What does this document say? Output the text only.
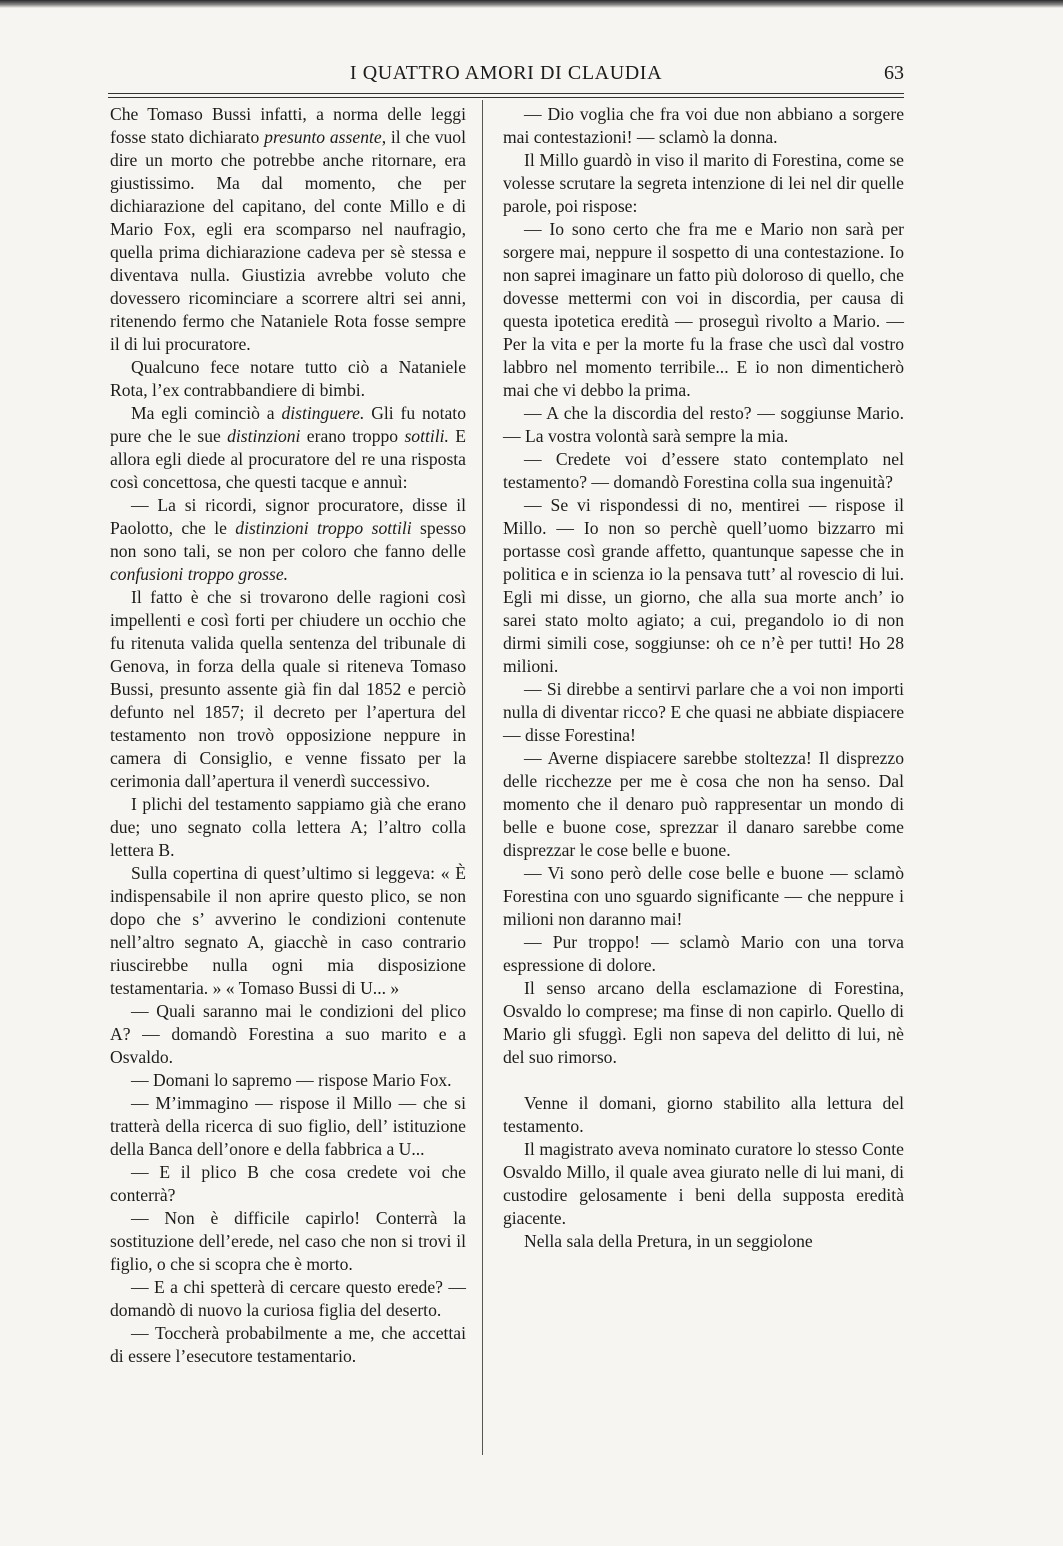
I QUATTRO AMORI DI CLAUDIA	63

Che Tomaso Bussi infatti, a norma delle leggi fosse stato dichiarato presunto assente, il che vuol dire un morto che potrebbe anche ritornare, era giustissimo. Ma dal momento, che per dichiarazione del capitano, del conte Millo e di Mario Fox, egli era scomparso nel naufragio, quella prima dichiarazione cadeva per sè stessa e diventava nulla. Giustizia avrebbe voluto che dovessero ricominciare a scorrere altri sei anni, ritenendo fermo che Nataniele Rota fosse sempre il di lui procuratore.

Qualcuno fece notare tutto ciò a Nataniele Rota, l’ex contrabbandiere di bimbi.

Ma egli cominciò a distinguere. Gli fu notato pure che le sue distinzioni erano troppo sottili. E allora egli diede al procuratore del re una risposta così concettosa, che questi tacque e annuì:

— La si ricordi, signor procuratore, disse il Paolotto, che le distinzioni troppo sottili spesso non sono tali, se non per coloro che fanno delle confusioni troppo grosse.

Il fatto è che si trovarono delle ragioni così impellenti e così forti per chiudere un occhio che fu ritenuta valida quella sentenza del tribunale di Genova, in forza della quale si riteneva Tomaso Bussi, presunto assente già fin dal 1852 e perciò defunto nel 1857; il decreto per l’apertura del testamento non trovò opposizione neppure in camera di Consiglio, e venne fissato per la cerimonia dall’apertura il venerdì successivo.

I plichi del testamento sappiamo già che erano due; uno segnato colla lettera A; l’altro colla lettera B.

Sulla copertina di quest’ultimo si leggeva: « È indispensabile il non aprire questo plico, se non dopo che s’ avverino le condizioni contenute nell’altro segnato A, giacchè in caso contrario riuscirebbe nulla ogni mia disposizione testamentaria. » « Tomaso Bussi di U... »

— Quali saranno mai le condizioni del plico A? — domandò Forestina a suo marito e a Osvaldo.

— Domani lo sapremo — rispose Mario Fox.

— M’immagino — rispose il Millo — che si tratterà della ricerca di suo figlio, dell’ istituzione della Banca dell’onore e della fabbrica a U...

— E il plico B che cosa credete voi che conterrà?

— Non è difficile capirlo! Conterrà la sostituzione dell’erede, nel caso che non si trovi il figlio, o che si scopra che è morto.

— E a chi spetterà di cercare questo erede? — domandò di nuovo la curiosa figlia del deserto.

— Toccherà probabilmente a me, che accettai di essere l’esecutore testamentario.

— Dio voglia che fra voi due non abbiano a sorgere mai contestazioni! — sclamò la donna.

Il Millo guardò in viso il marito di Forestina, come se volesse scrutare la segreta intenzione di lei nel dir quelle parole, poi rispose:

— Io sono certo che fra me e Mario non sarà per sorgere mai, neppure il sospetto di una contestazione. Io non saprei imaginare un fatto più doloroso di quello, che dovesse mettermi con voi in discordia, per causa di questa ipotetica eredità — proseguì rivolto a Mario. — Per la vita e per la morte fu la frase che uscì dal vostro labbro nel momento terribile... E io non dimenticherò mai che vi debbo la prima.

— A che la discordia del resto? — soggiunse Mario. — La vostra volontà sarà sempre la mia.

— Credete voi d’essere stato contemplato nel testamento? — domandò Forestina colla sua ingenuità?

— Se vi rispondessi di no, mentirei — rispose il Millo. — Io non so perchè quell’uomo bizzarro mi portasse così grande affetto, quantunque sapesse che in politica e in scienza io la pensava tutt’ al rovescio di lui. Egli mi disse, un giorno, che alla sua morte anch’ io sarei stato molto agiato; a cui, pregandolo io di non dirmi simili cose, soggiunse: oh ce n’è per tutti! Ho 28 milioni.

— Si direbbe a sentirvi parlare che a voi non importi nulla di diventar ricco? E che quasi ne abbiate dispiacere — disse Forestina!

— Averne dispiacere sarebbe stoltezza! Il disprezzo delle ricchezze per me è cosa che non ha senso. Dal momento che il denaro può rappresentar un mondo di belle e buone cose, sprezzar il danaro sarebbe come disprezzar le cose belle e buone.

— Vi sono però delle cose belle e buone — sclamò Forestina con uno sguardo significante — che neppure i milioni non daranno mai!

— Pur troppo! — sclamò Mario con una torva espressione di dolore.

Il senso arcano della esclamazione di Forestina, Osvaldo lo comprese; ma finse di non capirlo. Quello di Mario gli sfuggì. Egli non sapeva del delitto di lui, nè del suo rimorso.

Venne il domani, giorno stabilito alla lettura del testamento.

Il magistrato aveva nominato curatore lo stesso Conte Osvaldo Millo, il quale avea giurato nelle di lui mani, di custodire gelosamente i beni della supposta eredità giacente.

Nella sala della Pretura, in un seggiolone
